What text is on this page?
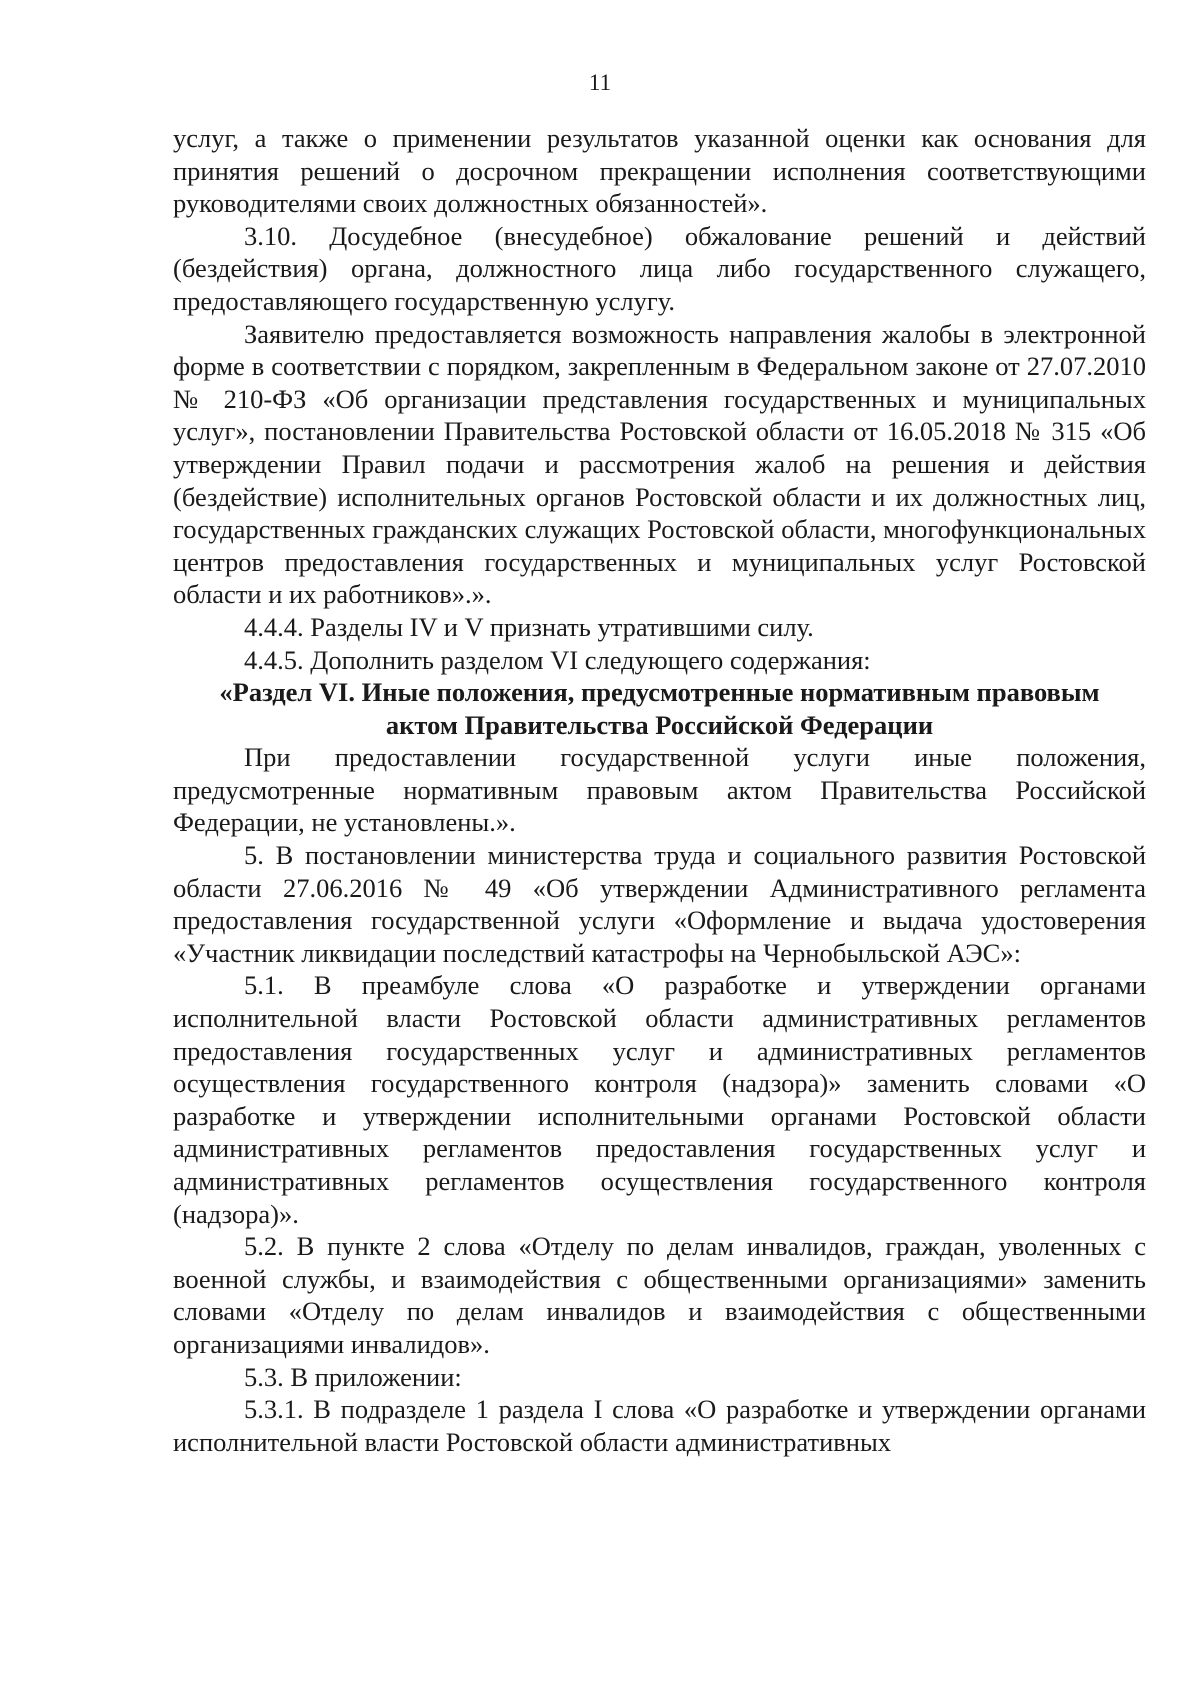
11

услуг, а также о применении результатов указанной оценки как основания для принятия решений о досрочном прекращении исполнения соответствующими руководителями своих должностных обязанностей».

3.10. Досудебное (внесудебное) обжалование решений и действий (бездействия) органа, должностного лица либо государственного служащего, предоставляющего государственную услугу.

Заявителю предоставляется возможность направления жалобы в электронной форме в соответствии с порядком, закрепленным в Федеральном законе от 27.07.2010 № 210-ФЗ «Об организации представления государственных и муниципальных услуг», постановлении Правительства Ростовской области от 16.05.2018 № 315 «Об утверждении Правил подачи и рассмотрения жалоб на решения и действия (бездействие) исполнительных органов Ростовской области и их должностных лиц, государственных гражданских служащих Ростовской области, многофункциональных центров предоставления государственных и муниципальных услуг Ростовской области и их работников».».

4.4.4. Разделы IV и V признать утратившими силу.

4.4.5. Дополнить разделом VI следующего содержания:

«Раздел VI. Иные положения, предусмотренные нормативным правовым
актом Правительства Российской Федерации

При предоставлении государственной услуги иные положения, предусмотренные нормативным правовым актом Правительства Российской Федерации, не установлены.».

5. В постановлении министерства труда и социального развития Ростовской области 27.06.2016 № 49 «Об утверждении Административного регламента предоставления государственной услуги «Оформление и выдача удостоверения «Участник ликвидации последствий катастрофы на Чернобыльской АЭС»:

5.1. В преамбуле слова «О разработке и утверждении органами исполнительной власти Ростовской области административных регламентов предоставления государственных услуг и административных регламентов осуществления государственного контроля (надзора)» заменить словами «О разработке и утверждении исполнительными органами Ростовской области административных регламентов предоставления государственных услуг и административных регламентов осуществления государственного контроля (надзора)».

5.2. В пункте 2 слова «Отделу по делам инвалидов, граждан, уволенных с военной службы, и взаимодействия с общественными организациями» заменить словами «Отделу по делам инвалидов и взаимодействия с общественными организациями инвалидов».

5.3. В приложении:

5.3.1. В подразделе 1 раздела I слова «О разработке и утверждении органами исполнительной власти Ростовской области административных
